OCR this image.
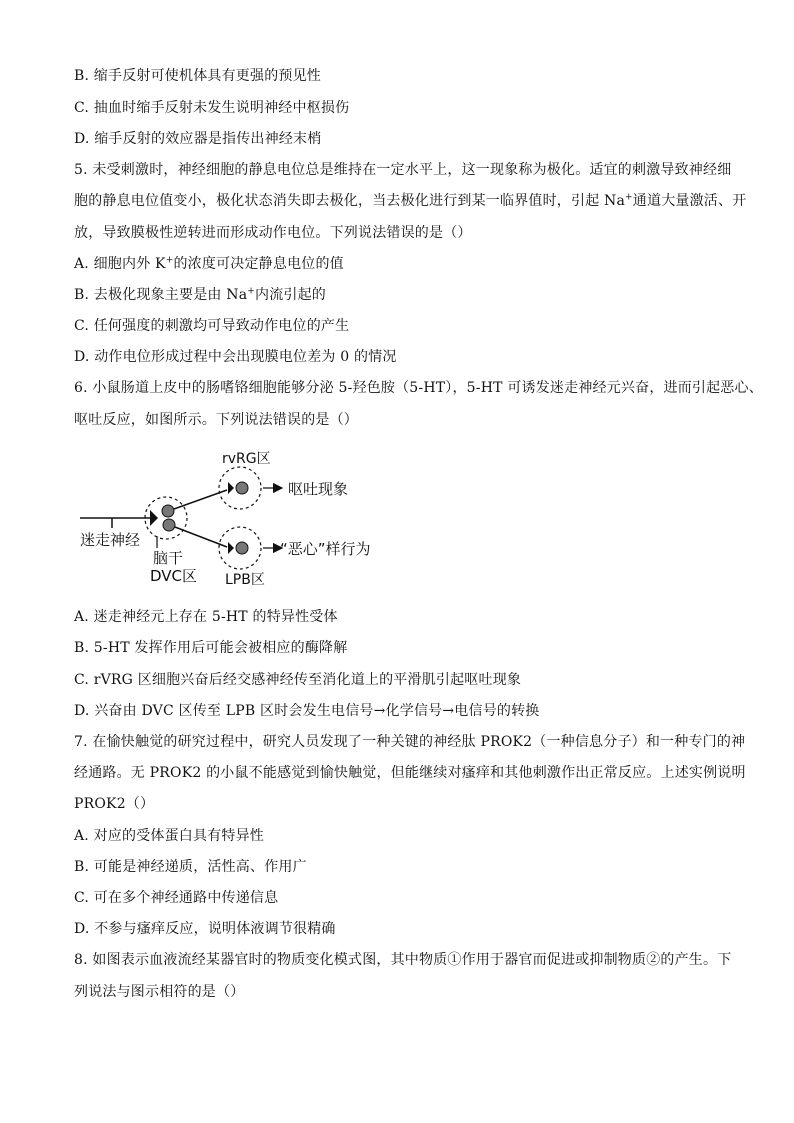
B. 缩手反射可使机体具有更强的预见性
C. 抽血时缩手反射未发生说明神经中枢损伤
D. 缩手反射的效应器是指传出神经末梢
5. 未受刺激时，神经细胞的静息电位总是维持在一定水平上，这一现象称为极化。适宜的刺激导致神经细
胞的静息电位值变小，极化状态消失即去极化，当去极化进行到某一临界值时，引起 Na+通道大量激活、开
放，导致膜极性逆转进而形成动作电位。下列说法错误的是（）
A. 细胞内外 K+的浓度可决定静息电位的值
B. 去极化现象主要是由 Na+内流引起的
C. 任何强度的刺激均可导致动作电位的产生
D. 动作电位形成过程中会出现膜电位差为 0 的情况
6. 小鼠肠道上皮中的肠嗜铬细胞能够分泌 5-羟色胺（5-HT），5-HT 可诱发迷走神经元兴奋，进而引起恶心、
呕吐反应，如图所示。下列说法错误的是（）
rvRG区
呕吐现象
迷走神经
脑干
DVC区 LPB区
“恶心”样行为
A. 迷走神经元上存在 5-HT 的特异性受体
B. 5-HT 发挥作用后可能会被相应的酶降解
C. rVRG 区细胞兴奋后经交感神经传至消化道上的平滑肌引起呕吐现象
D. 兴奋由 DVC 区传至 LPB 区时会发生电信号→化学信号→电信号的转换
7. 在愉快触觉的研究过程中，研究人员发现了一种关键的神经肽 PROK2（一种信息分子）和一种专门的神
经通路。无 PROK2 的小鼠不能感觉到愉快触觉，但能继续对瘙痒和其他刺激作出正常反应。上述实例说明
PROK2（）
A. 对应的受体蛋白具有特异性
B. 可能是神经递质，活性高、作用广
C. 可在多个神经通路中传递信息
D. 不参与瘙痒反应，说明体液调节很精确
8. 如图表示血液流经某器官时的物质变化模式图，其中物质①作用于器官而促进或抑制物质②的产生。下
列说法与图示相符的是（）
